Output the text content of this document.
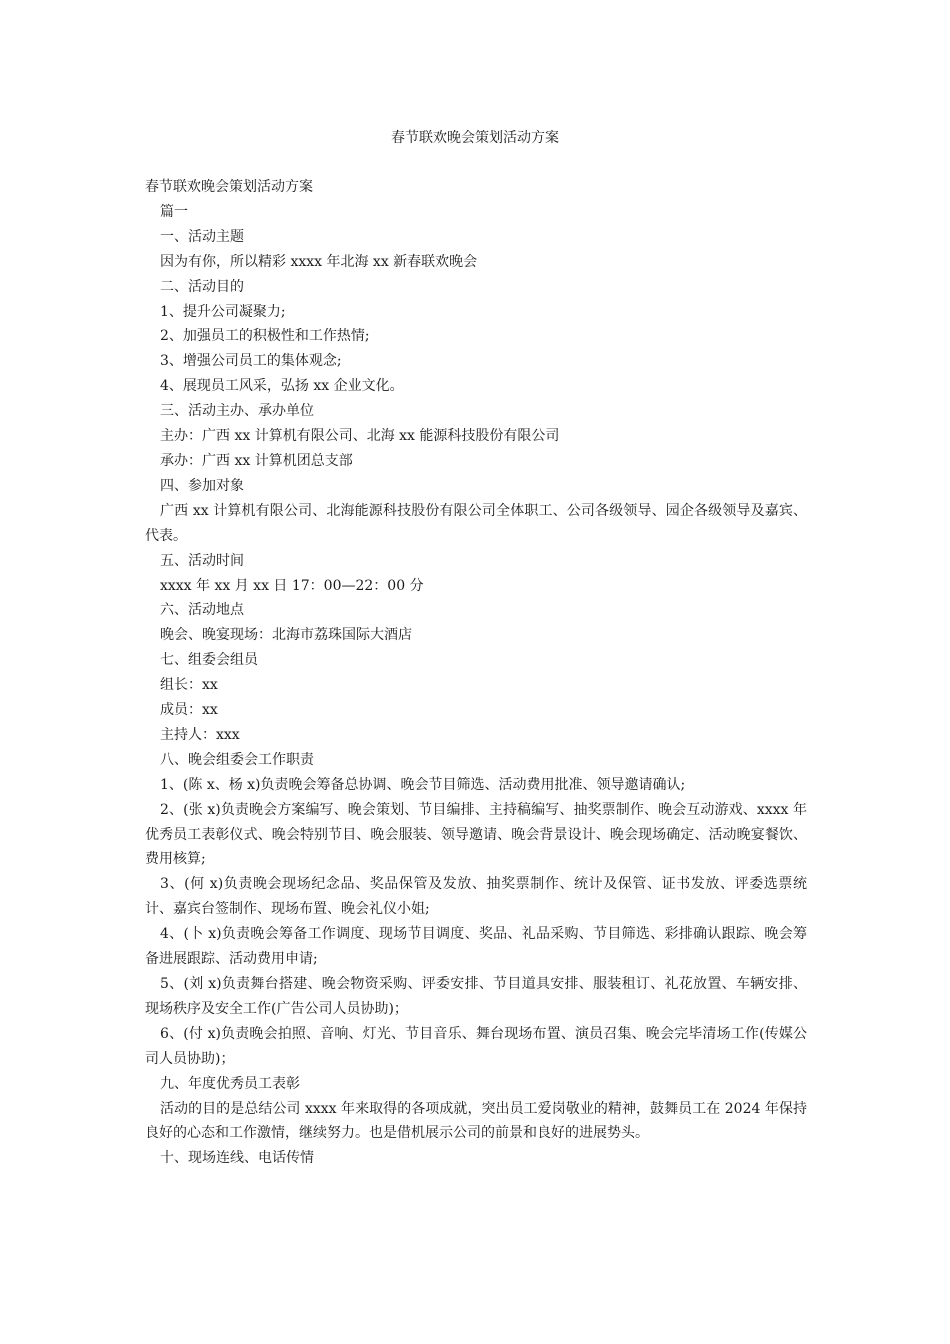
春节联欢晚会策划活动方案

春节联欢晚会策划活动方案

篇一

一、活动主题

因为有你，所以精彩 xxxx 年北海 xx 新春联欢晚会

二、活动目的

1、提升公司凝聚力;

2、加强员工的积极性和工作热情;

3、增强公司员工的集体观念;

4、展现员工风采，弘扬 xx 企业文化。

三、活动主办、承办单位

主办：广西 xx 计算机有限公司、北海 xx 能源科技股份有限公司

承办：广西 xx 计算机团总支部

四、参加对象

广西 xx 计算机有限公司、北海能源科技股份有限公司全体职工、公司各级领导、园企各级领导及嘉宾、代表。

五、活动时间

xxxx 年 xx 月 xx 日 17：00—22：00 分

六、活动地点

晚会、晚宴现场：北海市荔珠国际大酒店

七、组委会组员

组长：xx

成员：xx

主持人：xxx

八、晚会组委会工作职责

1、(陈 x、杨 x)负责晚会筹备总协调、晚会节目筛选、活动费用批准、领导邀请确认;

2、(张 x)负责晚会方案编写、晚会策划、节目编排、主持稿编写、抽奖票制作、晚会互动游戏、xxxx 年优秀员工表彰仪式、晚会特别节目、晚会服装、领导邀请、晚会背景设计、晚会现场确定、活动晚宴餐饮、费用核算;

3、(何 x)负责晚会现场纪念品、奖品保管及发放、抽奖票制作、统计及保管、证书发放、评委选票统计、嘉宾台签制作、现场布置、晚会礼仪小姐;

4、(卜 x)负责晚会筹备工作调度、现场节目调度、奖品、礼品采购、节目筛选、彩排确认跟踪、晚会筹备进展跟踪、活动费用申请;

5、(刘 x)负责舞台搭建、晚会物资采购、评委安排、节目道具安排、服装租订、礼花放置、车辆安排、现场秩序及安全工作(广告公司人员协助)；

6、(付 x)负责晚会拍照、音响、灯光、节目音乐、舞台现场布置、演员召集、晚会完毕清场工作(传媒公司人员协助)；

九、年度优秀员工表彰

活动的目的是总结公司 xxxx 年来取得的各项成就，突出员工爱岗敬业的精神，鼓舞员工在 2024 年保持良好的心态和工作激情，继续努力。也是借机展示公司的前景和良好的进展势头。

十、现场连线、电话传情
